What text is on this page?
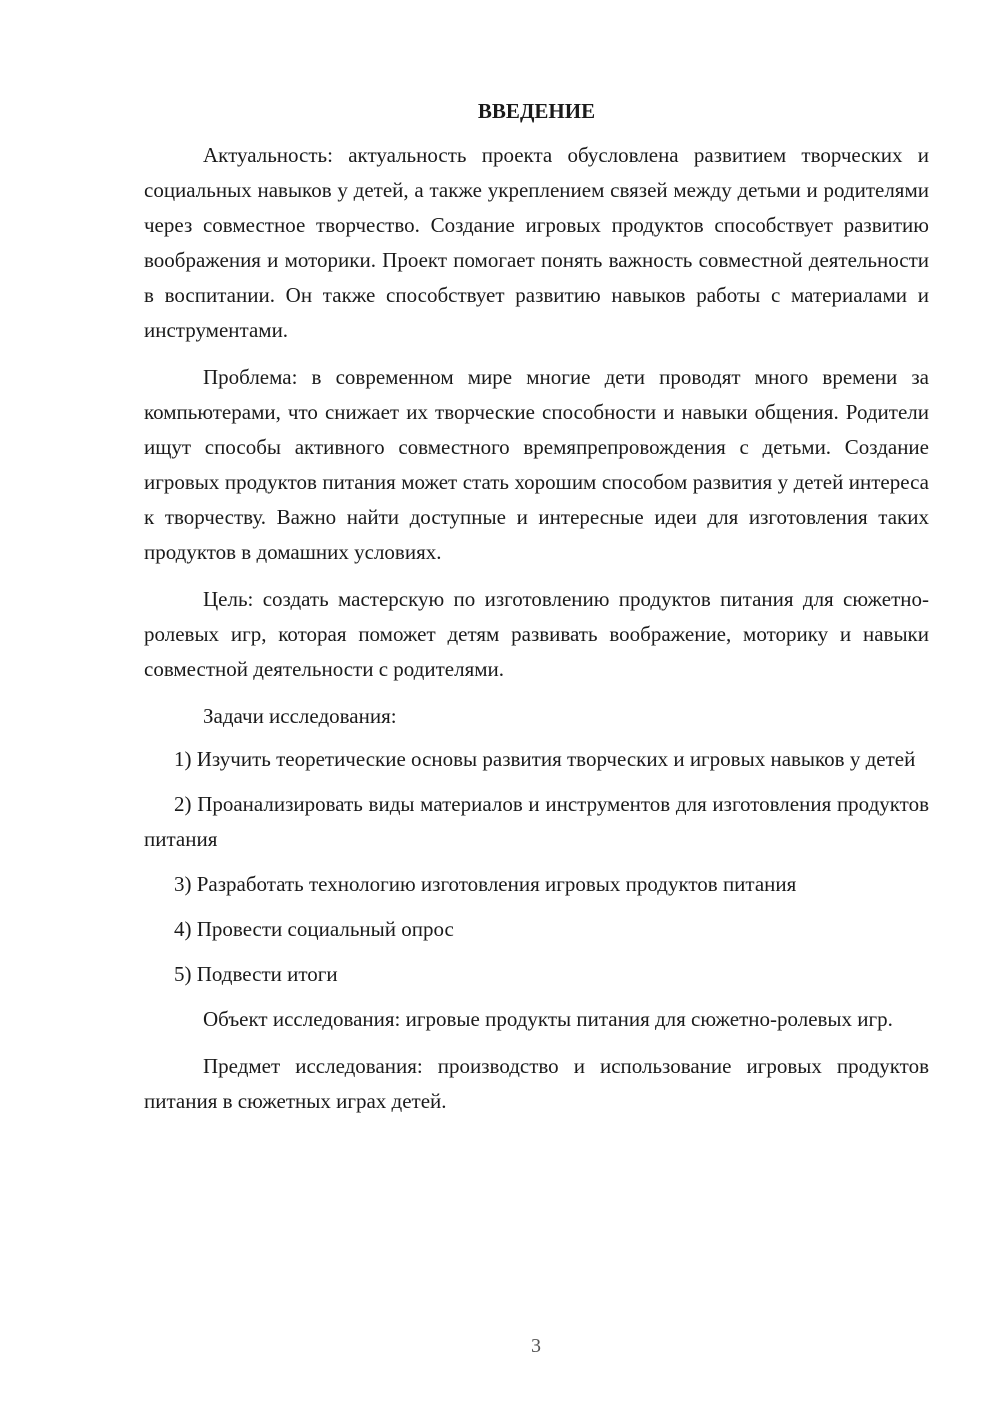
ВВЕДЕНИЕ

Актуальность: актуальность проекта обусловлена развитием творческих и социальных навыков у детей, а также укреплением связей между детьми и родителями через совместное творчество. Создание игровых продуктов способствует развитию воображения и моторики. Проект помогает понять важность совместной деятельности в воспитании. Он также способствует развитию навыков работы с материалами и инструментами.

Проблема: в современном мире многие дети проводят много времени за компьютерами, что снижает их творческие способности и навыки общения. Родители ищут способы активного совместного времяпрепровождения с детьми. Создание игровых продуктов питания может стать хорошим способом развития у детей интереса к творчеству. Важно найти доступные и интересные идеи для изготовления таких продуктов в домашних условиях.

Цель: создать мастерскую по изготовлению продуктов питания для сюжетно-ролевых игр, которая поможет детям развивать воображение, моторику и навыки совместной деятельности с родителями.

Задачи исследования:

1) Изучить теоретические основы развития творческих и игровых навыков у детей

2) Проанализировать виды материалов и инструментов для изготовления продуктов питания

3) Разработать технологию изготовления игровых продуктов питания

4) Провести социальный опрос

5) Подвести итоги

Объект исследования: игровые продукты питания для сюжетно-ролевых игр.

Предмет исследования: производство и использование игровых продуктов питания в сюжетных играх детей.

3
